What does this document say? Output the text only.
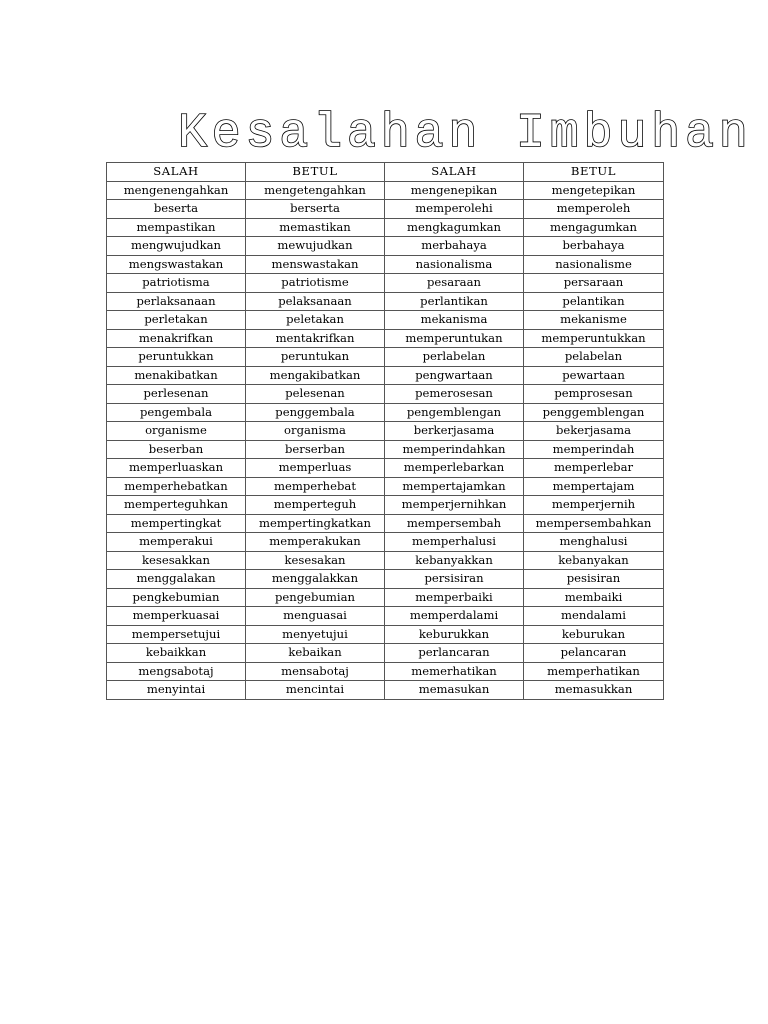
Kesalahan Imbuhan
SALAH	BETUL	SALAH	BETUL
mengenengahkan	mengetengahkan	mengenepikan	mengetepikan
beserta	berserta	memperolehi	memperoleh
mempastikan	memastikan	mengkagumkan	mengagumkan
mengwujudkan	mewujudkan	merbahaya	berbahaya
mengswastakan	menswastakan	nasionalisma	nasionalisme
patriotisma	patriotisme	pesaraan	persaraan
perlaksanaan	pelaksanaan	perlantikan	pelantikan
perletakan	peletakan	mekanisma	mekanisme
menakrifkan	mentakrifkan	memperuntukan	memperuntukkan
peruntukkan	peruntukan	perlabelan	pelabelan
menakibatkan	mengakibatkan	pengwartaan	pewartaan
perlesenan	pelesenan	pemerosesan	pemprosesan
pengembala	penggembala	pengemblengan	penggemblengan
organisme	organisma	berkerjasama	bekerjasama
beserban	berserban	memperindahkan	memperindah
memperluaskan	memperluas	memperlebarkan	memperlebar
memperhebatkan	memperhebat	mempertajamkan	mempertajam
memperteguhkan	memperteguh	memperjernihkan	memperjernih
mempertingkat	mempertingkatkan	mempersembah	mempersembahkan
memperakui	memperakukan	memperhalusi	menghalusi
kesesakkan	kesesakan	kebanyakkan	kebanyakan
menggalakan	menggalakkan	persisiran	pesisiran
pengkebumian	pengebumian	memperbaiki	membaiki
memperkuasai	menguasai	memperdalami	mendalami
mempersetujui	menyetujui	keburukkan	keburukan
kebaikkan	kebaikan	perlancaran	pelancaran
mengsabotaj	mensabotaj	memerhatikan	memperhatikan
menyintai	mencintai	memasukan	memasukkan
